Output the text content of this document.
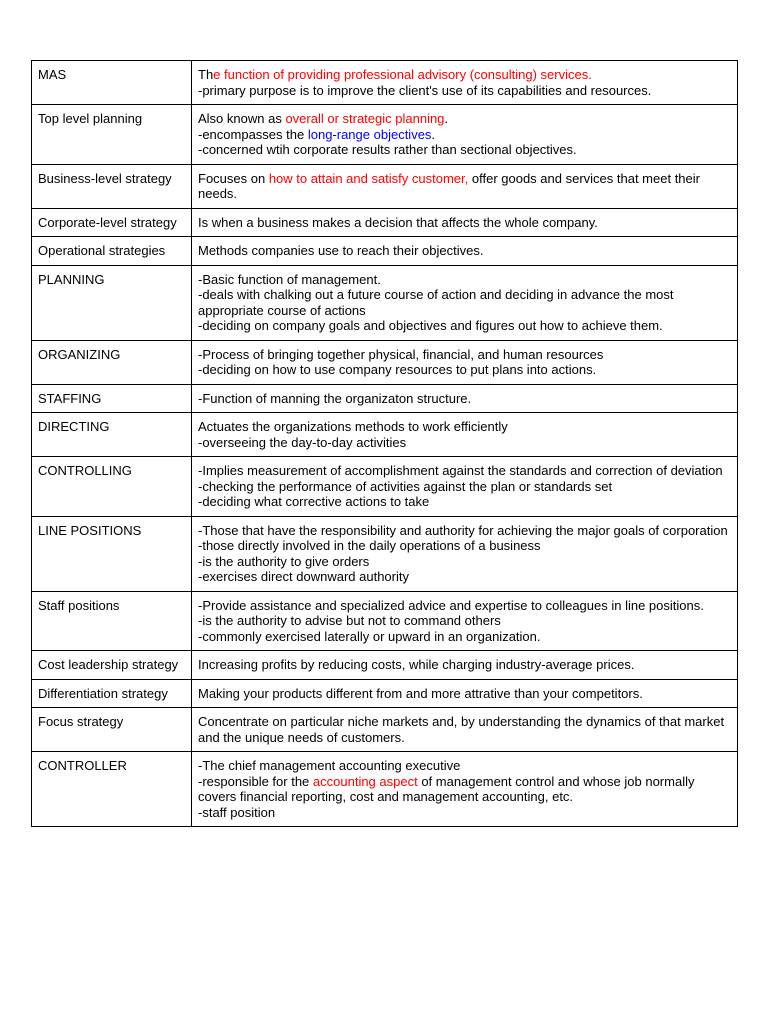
MAS	The function of providing professional advisory (consulting) services.
-primary purpose is to improve the client's use of its capabilities and resources.

Top level planning	Also known as overall or strategic planning.
-encompasses the long-range objectives.
-concerned wtih corporate results rather than sectional objectives.

Business-level strategy	Focuses on how to attain and satisfy customer, offer goods and services that meet their needs.

Corporate-level strategy	Is when a business makes a decision that affects the whole company.

Operational strategies	Methods companies use to reach their objectives.

PLANNING	-Basic function of management.
-deals with chalking out a future course of action and deciding in advance the most appropriate course of actions
-deciding on company goals and objectives and figures out how to achieve them.

ORGANIZING	-Process of bringing together physical, financial, and human resources
-deciding on how to use company resources to put plans into actions.

STAFFING	-Function of manning the organizaton structure.

DIRECTING	Actuates the organizations methods to work efficiently
-overseeing the day-to-day activities

CONTROLLING	-Implies measurement of accomplishment against the standards and correction of deviation
-checking the performance of activities against the plan or standards set
-deciding what corrective actions to take

LINE POSITIONS	-Those that have the responsibility and authority for achieving the major goals of corporation
-those directly involved in the daily operations of a business
-is the authority to give orders
-exercises direct downward authority

Staff positions	-Provide assistance and specialized advice and expertise to colleagues in line positions.
-is the authority to advise but not to command others
-commonly exercised laterally or upward in an organization.

Cost leadership strategy	Increasing profits by reducing costs, while charging industry-average prices.

Differentiation strategy	Making your products different from and more attrative than your competitors.

Focus strategy	Concentrate on particular niche markets and, by understanding the dynamics of that market and the unique needs of customers.

CONTROLLER	-The chief management accounting executive
-responsible for the accounting aspect of management control and whose job normally covers financial reporting, cost and management accounting, etc.
-staff position
